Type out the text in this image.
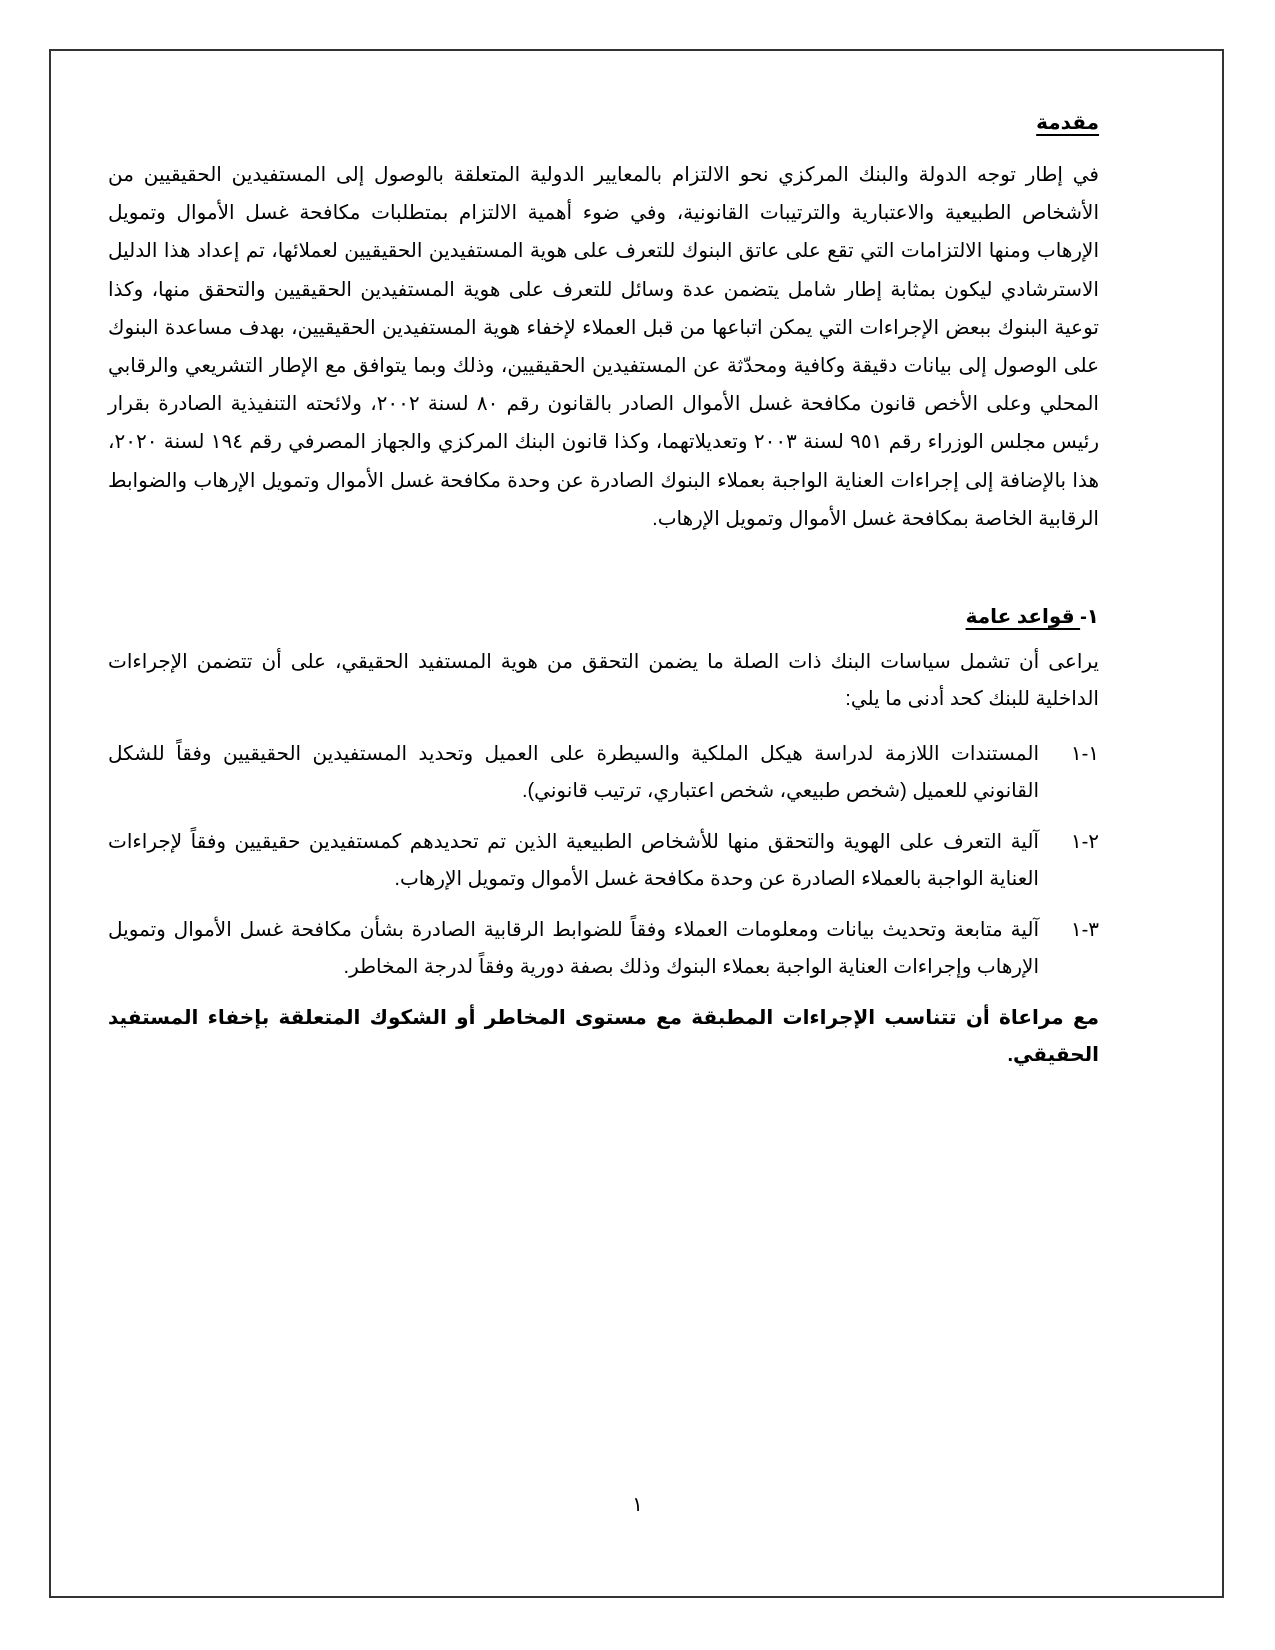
مقدمة

في إطار توجه الدولة والبنك المركزي نحو الالتزام بالمعايير الدولية المتعلقة بالوصول إلى المستفيدين الحقيقيين من الأشخاص الطبيعية والاعتبارية والترتيبات القانونية، وفي ضوء أهمية الالتزام بمتطلبات مكافحة غسل الأموال وتمويل الإرهاب ومنها الالتزامات التي تقع على عاتق البنوك للتعرف على هوية المستفيدين الحقيقيين لعملائها، تم إعداد هذا الدليل الاسترشادي ليكون بمثابة إطار شامل يتضمن عدة وسائل للتعرف على هوية المستفيدين الحقيقيين والتحقق منها، وكذا توعية البنوك ببعض الإجراءات التي يمكن اتباعها من قبل العملاء لإخفاء هوية المستفيدين الحقيقيين، بهدف مساعدة البنوك على الوصول إلى بيانات دقيقة وكافية ومحدّثة عن المستفيدين الحقيقيين، وذلك وبما يتوافق مع الإطار التشريعي والرقابي المحلي وعلى الأخص قانون مكافحة غسل الأموال الصادر بالقانون رقم ٨٠ لسنة ٢٠٠٢، ولائحته التنفيذية الصادرة بقرار رئيس مجلس الوزراء رقم ٩٥١ لسنة ٢٠٠٣ وتعديلاتهما، وكذا قانون البنك المركزي والجهاز المصرفي رقم ١٩٤ لسنة ٢٠٢٠، هذا بالإضافة إلى إجراءات العناية الواجبة بعملاء البنوك الصادرة عن وحدة مكافحة غسل الأموال وتمويل الإرهاب والضوابط الرقابية الخاصة بمكافحة غسل الأموال وتمويل الإرهاب.

١- قواعد عامة

يراعى أن تشمل سياسات البنك ذات الصلة ما يضمن التحقق من هوية المستفيد الحقيقي، على أن تتضمن الإجراءات الداخلية للبنك كحد أدنى ما يلي:

١-١
المستندات اللازمة لدراسة هيكل الملكية والسيطرة على العميل وتحديد المستفيدين الحقيقيين وفقاً للشكل القانوني للعميل (شخص طبيعي، شخص اعتباري، ترتيب قانوني).
٢-١
آلية التعرف على الهوية والتحقق منها للأشخاص الطبيعية الذين تم تحديدهم كمستفيدين حقيقيين وفقاً لإجراءات العناية الواجبة بالعملاء الصادرة عن وحدة مكافحة غسل الأموال وتمويل الإرهاب.
٣-١
آلية متابعة وتحديث بيانات ومعلومات العملاء وفقاً للضوابط الرقابية الصادرة بشأن مكافحة غسل الأموال وتمويل الإرهاب وإجراءات العناية الواجبة بعملاء البنوك وذلك بصفة دورية وفقاً لدرجة المخاطر.

مع مراعاة أن تتناسب الإجراءات المطبقة مع مستوى المخاطر أو الشكوك المتعلقة بإخفاء المستفيد الحقيقي.

١
